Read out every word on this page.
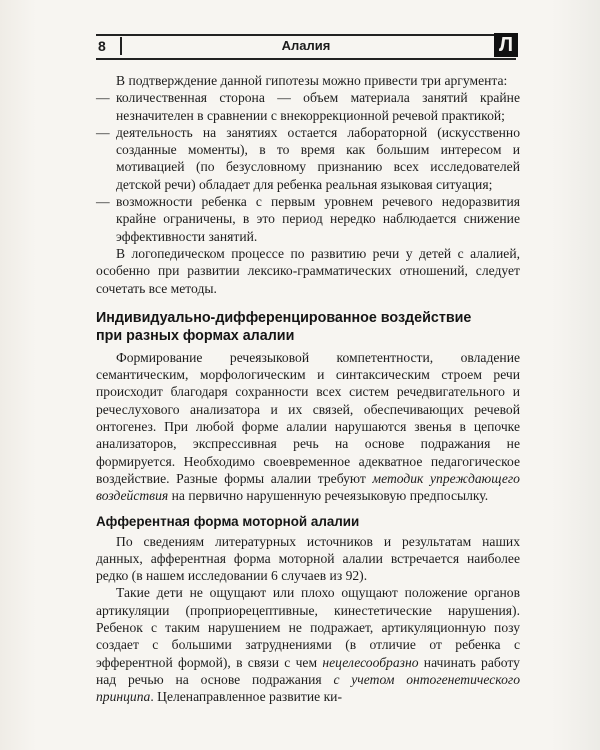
8	Алалия	Л

В подтверждение данной гипотезы можно привести три аргумента:

— количественная сторона — объем материала занятий крайне незначителен в сравнении с внекоррекционной речевой практикой;

— деятельность на занятиях остается лабораторной (искусственно созданные моменты), в то время как большим интересом и мотивацией (по безусловному признанию всех исследователей детской речи) обладает для ребенка реальная языковая ситуация;

— возможности ребенка с первым уровнем речевого недоразвития крайне ограничены, в это период нередко наблюдается снижение эффективности занятий.

В логопедическом процессе по развитию речи у детей с алалией, особенно при развитии лексико-грамматических отношений, следует сочетать все методы.

Индивидуально-дифференцированное воздействие
при разных формах алалии

Формирование речеязыковой компетентности, овладение семантическим, морфологическим и синтаксическим строем речи происходит благодаря сохранности всех систем речедвигательного и речеслухового анализатора и их связей, обеспечивающих речевой онтогенез. При любой форме алалии нарушаются звенья в цепочке анализаторов, экспрессивная речь на основе подражания не формируется. Необходимо своевременное адекватное педагогическое воздействие. Разные формы алалии требуют методик упреждающего воздействия на первично нарушенную речеязыковую предпосылку.

Афферентная форма моторной алалии

По сведениям литературных источников и результатам наших данных, афферентная форма моторной алалии встречается наиболее редко (в нашем исследовании 6 случаев из 92).

Такие дети не ощущают или плохо ощущают положение органов артикуляции (проприорецептивные, кинестетические нарушения). Ребенок с таким нарушением не подражает, артикуляционную позу создает с большими затруднениями (в отличие от ребенка с эфферентной формой), в связи с чем нецелесообразно начинать работу над речью на основе подражания с учетом онтогенетического принципа. Целенаправленное развитие ки-
